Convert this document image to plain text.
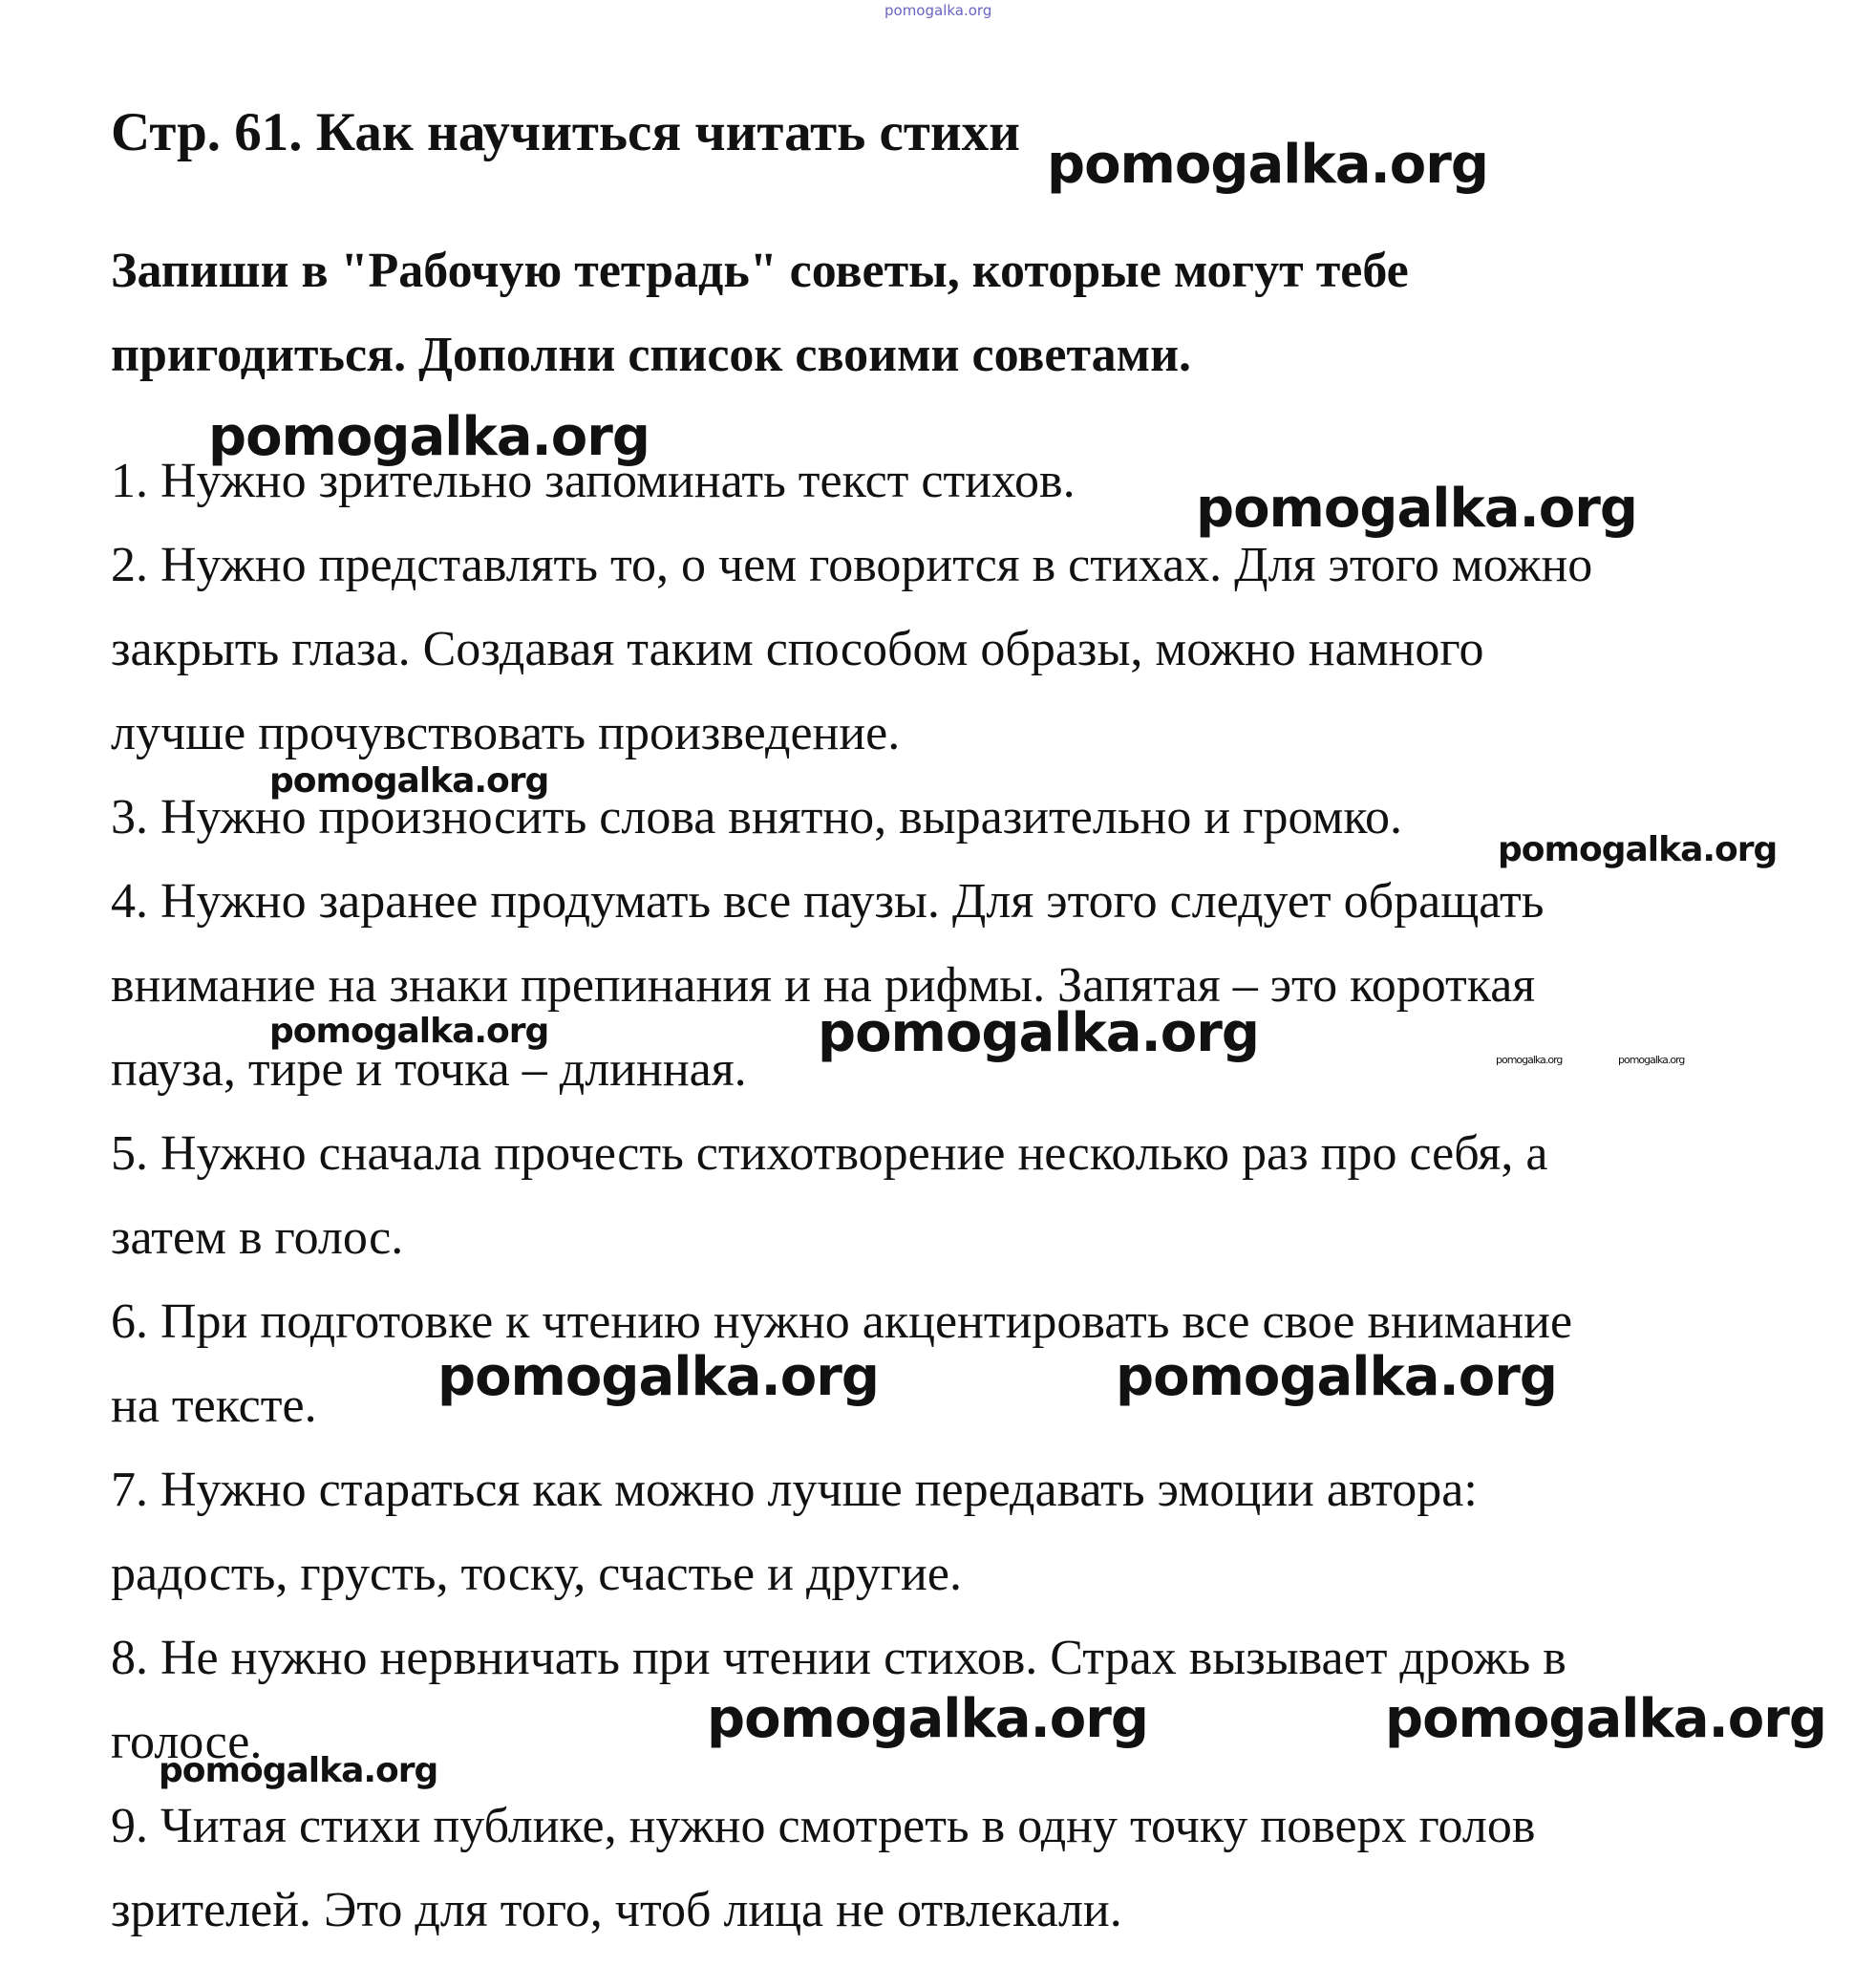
pomogalka.org
Стр. 61. Как научиться читать стихи
Запиши в "Рабочую тетрадь" советы, которые могут тебе
пригодиться. Дополни список своими советами.
1. Нужно зрительно запоминать текст стихов.
2. Нужно представлять то, о чем говорится в стихах. Для этого можно
закрыть глаза. Создавая таким способом образы, можно намного
лучше прочувствовать произведение.
3. Нужно произносить слова внятно, выразительно и громко.
4. Нужно заранее продумать все паузы. Для этого следует обращать
внимание на знаки препинания и на рифмы. Запятая – это короткая
пауза, тире и точка – длинная.
5. Нужно сначала прочесть стихотворение несколько раз про себя, а
затем в голос.
6. При подготовке к чтению нужно акцентировать все свое внимание
на тексте.
7. Нужно стараться как можно лучше передавать эмоции автора:
радость, грусть, тоску, счастье и другие.
8. Не нужно нервничать при чтении стихов. Страх вызывает дрожь в
голосе.
9. Читая стихи публике, нужно смотреть в одну точку поверх голов
зрителей. Это для того, чтоб лица не отвлекали.
pomogalka.org
pomogalka.org
pomogalka.org
pomogalka.org
pomogalka.org
pomogalka.org	pomogalka.org	pomogalka.org	pomogalka.org
pomogalka.org	pomogalka.org
pomogalka.org	pomogalka.org
pomogalka.org
